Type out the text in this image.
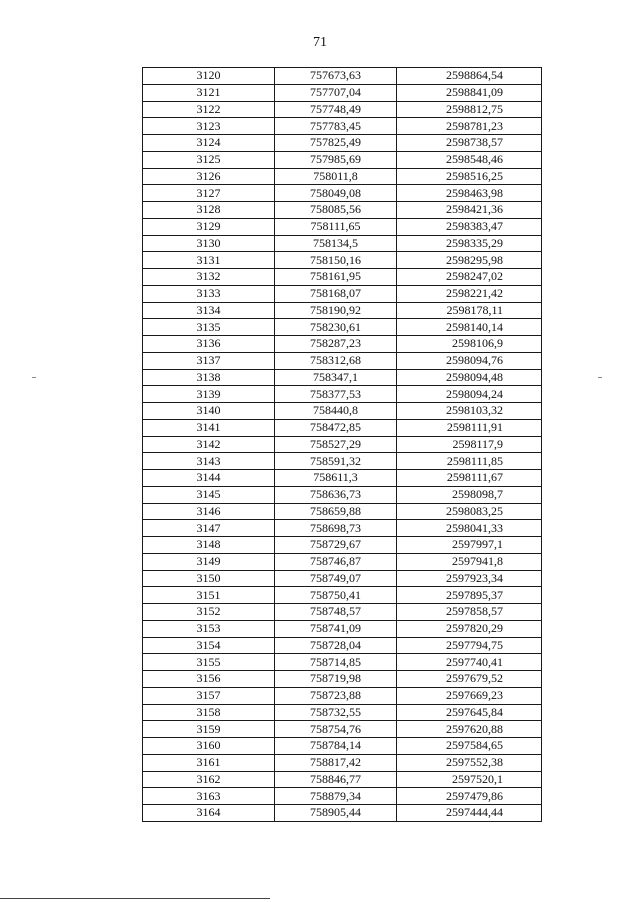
71
3120	757673,63	2598864,54
3121	757707,04	2598841,09
3122	757748,49	2598812,75
3123	757783,45	2598781,23
3124	757825,49	2598738,57
3125	757985,69	2598548,46
3126	758011,8	2598516,25
3127	758049,08	2598463,98
3128	758085,56	2598421,36
3129	758111,65	2598383,47
3130	758134,5	2598335,29
3131	758150,16	2598295,98
3132	758161,95	2598247,02
3133	758168,07	2598221,42
3134	758190,92	2598178,11
3135	758230,61	2598140,14
3136	758287,23	2598106,9
3137	758312,68	2598094,76
3138	758347,1	2598094,48
3139	758377,53	2598094,24
3140	758440,8	2598103,32
3141	758472,85	2598111,91
3142	758527,29	2598117,9
3143	758591,32	2598111,85
3144	758611,3	2598111,67
3145	758636,73	2598098,7
3146	758659,88	2598083,25
3147	758698,73	2598041,33
3148	758729,67	2597997,1
3149	758746,87	2597941,8
3150	758749,07	2597923,34
3151	758750,41	2597895,37
3152	758748,57	2597858,57
3153	758741,09	2597820,29
3154	758728,04	2597794,75
3155	758714,85	2597740,41
3156	758719,98	2597679,52
3157	758723,88	2597669,23
3158	758732,55	2597645,84
3159	758754,76	2597620,88
3160	758784,14	2597584,65
3161	758817,42	2597552,38
3162	758846,77	2597520,1
3163	758879,34	2597479,86
3164	758905,44	2597444,44
